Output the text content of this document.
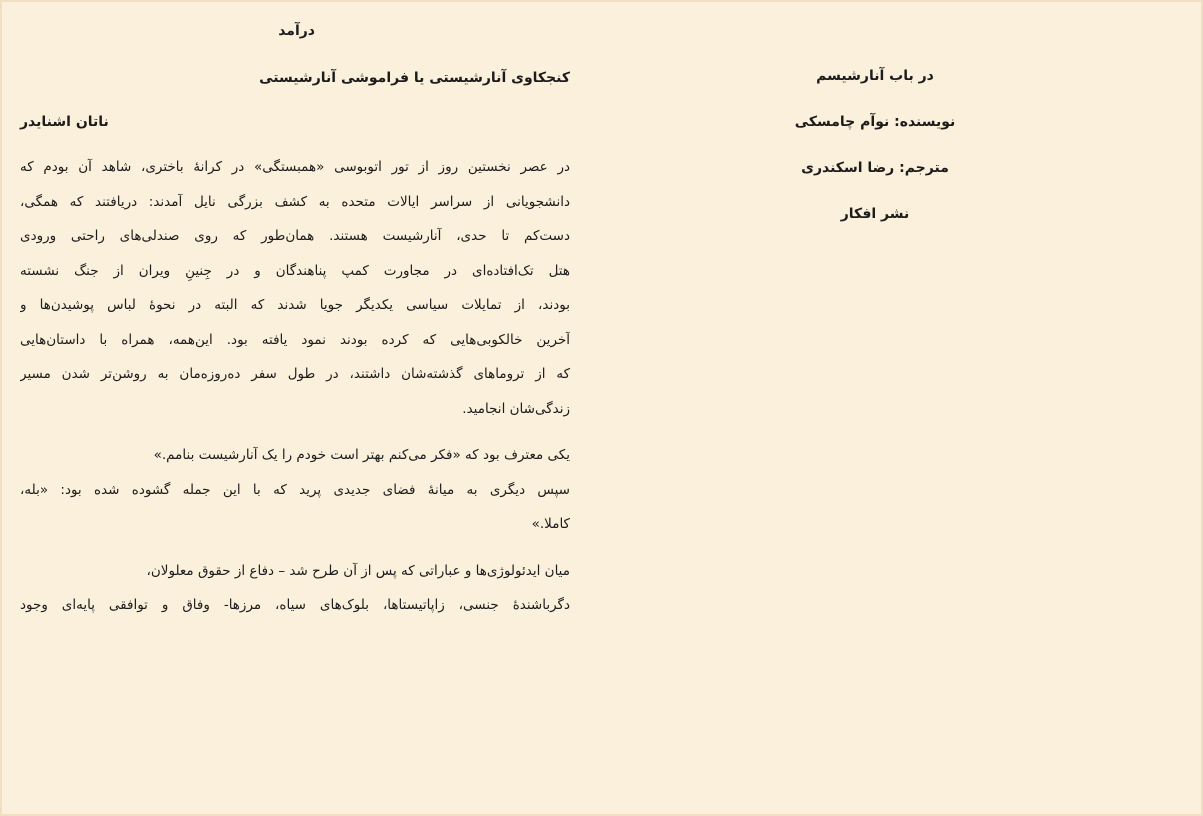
در باب آنارشیسم
نویسنده: نوآم چامسکی
مترجم: رضا اسکندری
نشر افکار
درآمد
کنجکاوی آنارشیستی یا فراموشی آنارشیستی
ناتان اشنایدر
در عصر نخستین روز از تور اتوبوسی «همبستگی» در کرانهٔ باختری، شاهد آن بودم که
دانشجویانی از سراسر ایالات متحده به کشف بزرگی نایل آمدند: دریافتند که همگی،
دست‌کم تا حدی، آنارشیست هستند. همان‌طور که روی صندلی‌های راحتی ورودی
هتل تک‌افتاده‌ای در مجاورت کمپ پناهندگان و در جِنینِ ویران از جنگ نشسته
بودند، از تمایلات سیاسی یکدیگر جویا شدند که البته در نحوهٔ لباس پوشیدن‌ها و
آخرین خالکوبی‌هایی که کرده بودند نمود یافته بود. این‌همه، همراه با داستان‌هایی
که از تروماهای گذشته‌شان داشتند، در طول سفر ده‌روزه‌مان به روشن‌تر شدن مسیر
زندگی‌شان انجامید.
یکی معترف بود که «فکر می‌کنم بهتر است خودم را یک آنارشیست بنامم.»
سپس دیگری به میانهٔ فضای جدیدی پرید که با این جمله گشوده شده بود: «بله،
کاملا.»
میان ایدئولوژی‌ها و عباراتی که پس از آن طرح شد – دفاع از حقوق معلولان،
دگرباشندهٔ جنسی، زاپاتیستاها، بلوک‌های سیاه، مرزها- وفاق و توافقی پایه‌ای وجود
